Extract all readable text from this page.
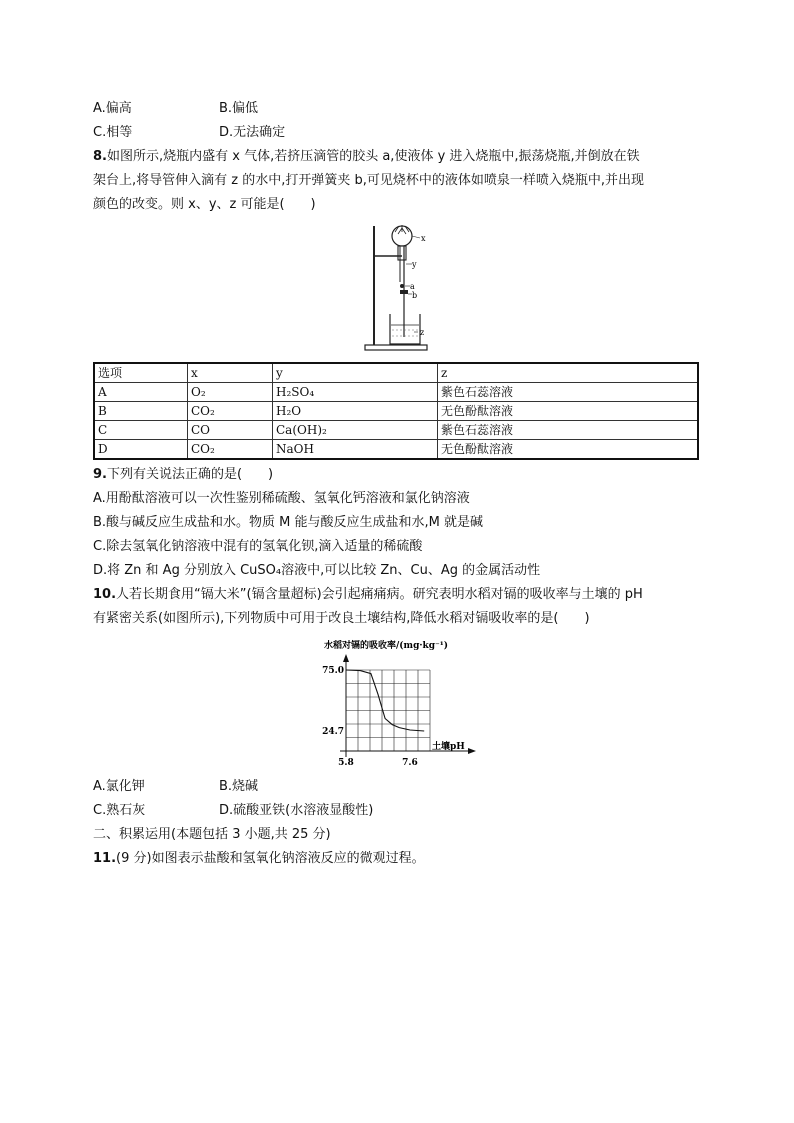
A.偏高	B.偏低
C.相等	D.无法确定
8.如图所示,烧瓶内盛有 x 气体,若挤压滴管的胶头 a,使液体 y 进入烧瓶中,振荡烧瓶,并倒放在铁
架台上,将导管伸入滴有 z 的水中,打开弹簧夹 b,可见烧杯中的液体如喷泉一样喷入烧瓶中,并出现
颜色的改变。则 x、y、z 可能是(　　)
x
y
a
b
z
选项	x	y	z
A	O₂	H₂SO₄	紫色石蕊溶液
B	CO₂	H₂O	无色酚酞溶液
C	CO	Ca(OH)₂	紫色石蕊溶液
D	CO₂	NaOH	无色酚酞溶液
9.下列有关说法正确的是(　　)
A.用酚酞溶液可以一次性鉴别稀硫酸、氢氧化钙溶液和氯化钠溶液
B.酸与碱反应生成盐和水。物质 M 能与酸反应生成盐和水,M 就是碱
C.除去氢氧化钠溶液中混有的氢氧化钡,滴入适量的稀硫酸
D.将 Zn 和 Ag 分别放入 CuSO₄溶液中,可以比较 Zn、Cu、Ag 的金属活动性
10.人若长期食用“镉大米”(镉含量超标)会引起痛痛病。研究表明水稻对镉的吸收率与土壤的 pH
有紧密关系(如图所示),下列物质中可用于改良土壤结构,降低水稻对镉吸收率的是(　　)
水稻对镉的吸收率/(mg·kg⁻¹)
土壤pH
75.0
24.7
5.8	7.6
A.氯化钾	B.烧碱
C.熟石灰	D.硫酸亚铁(水溶液显酸性)
二、积累运用(本题包括 3 小题,共 25 分)
11.(9 分)如图表示盐酸和氢氧化钠溶液反应的微观过程。
